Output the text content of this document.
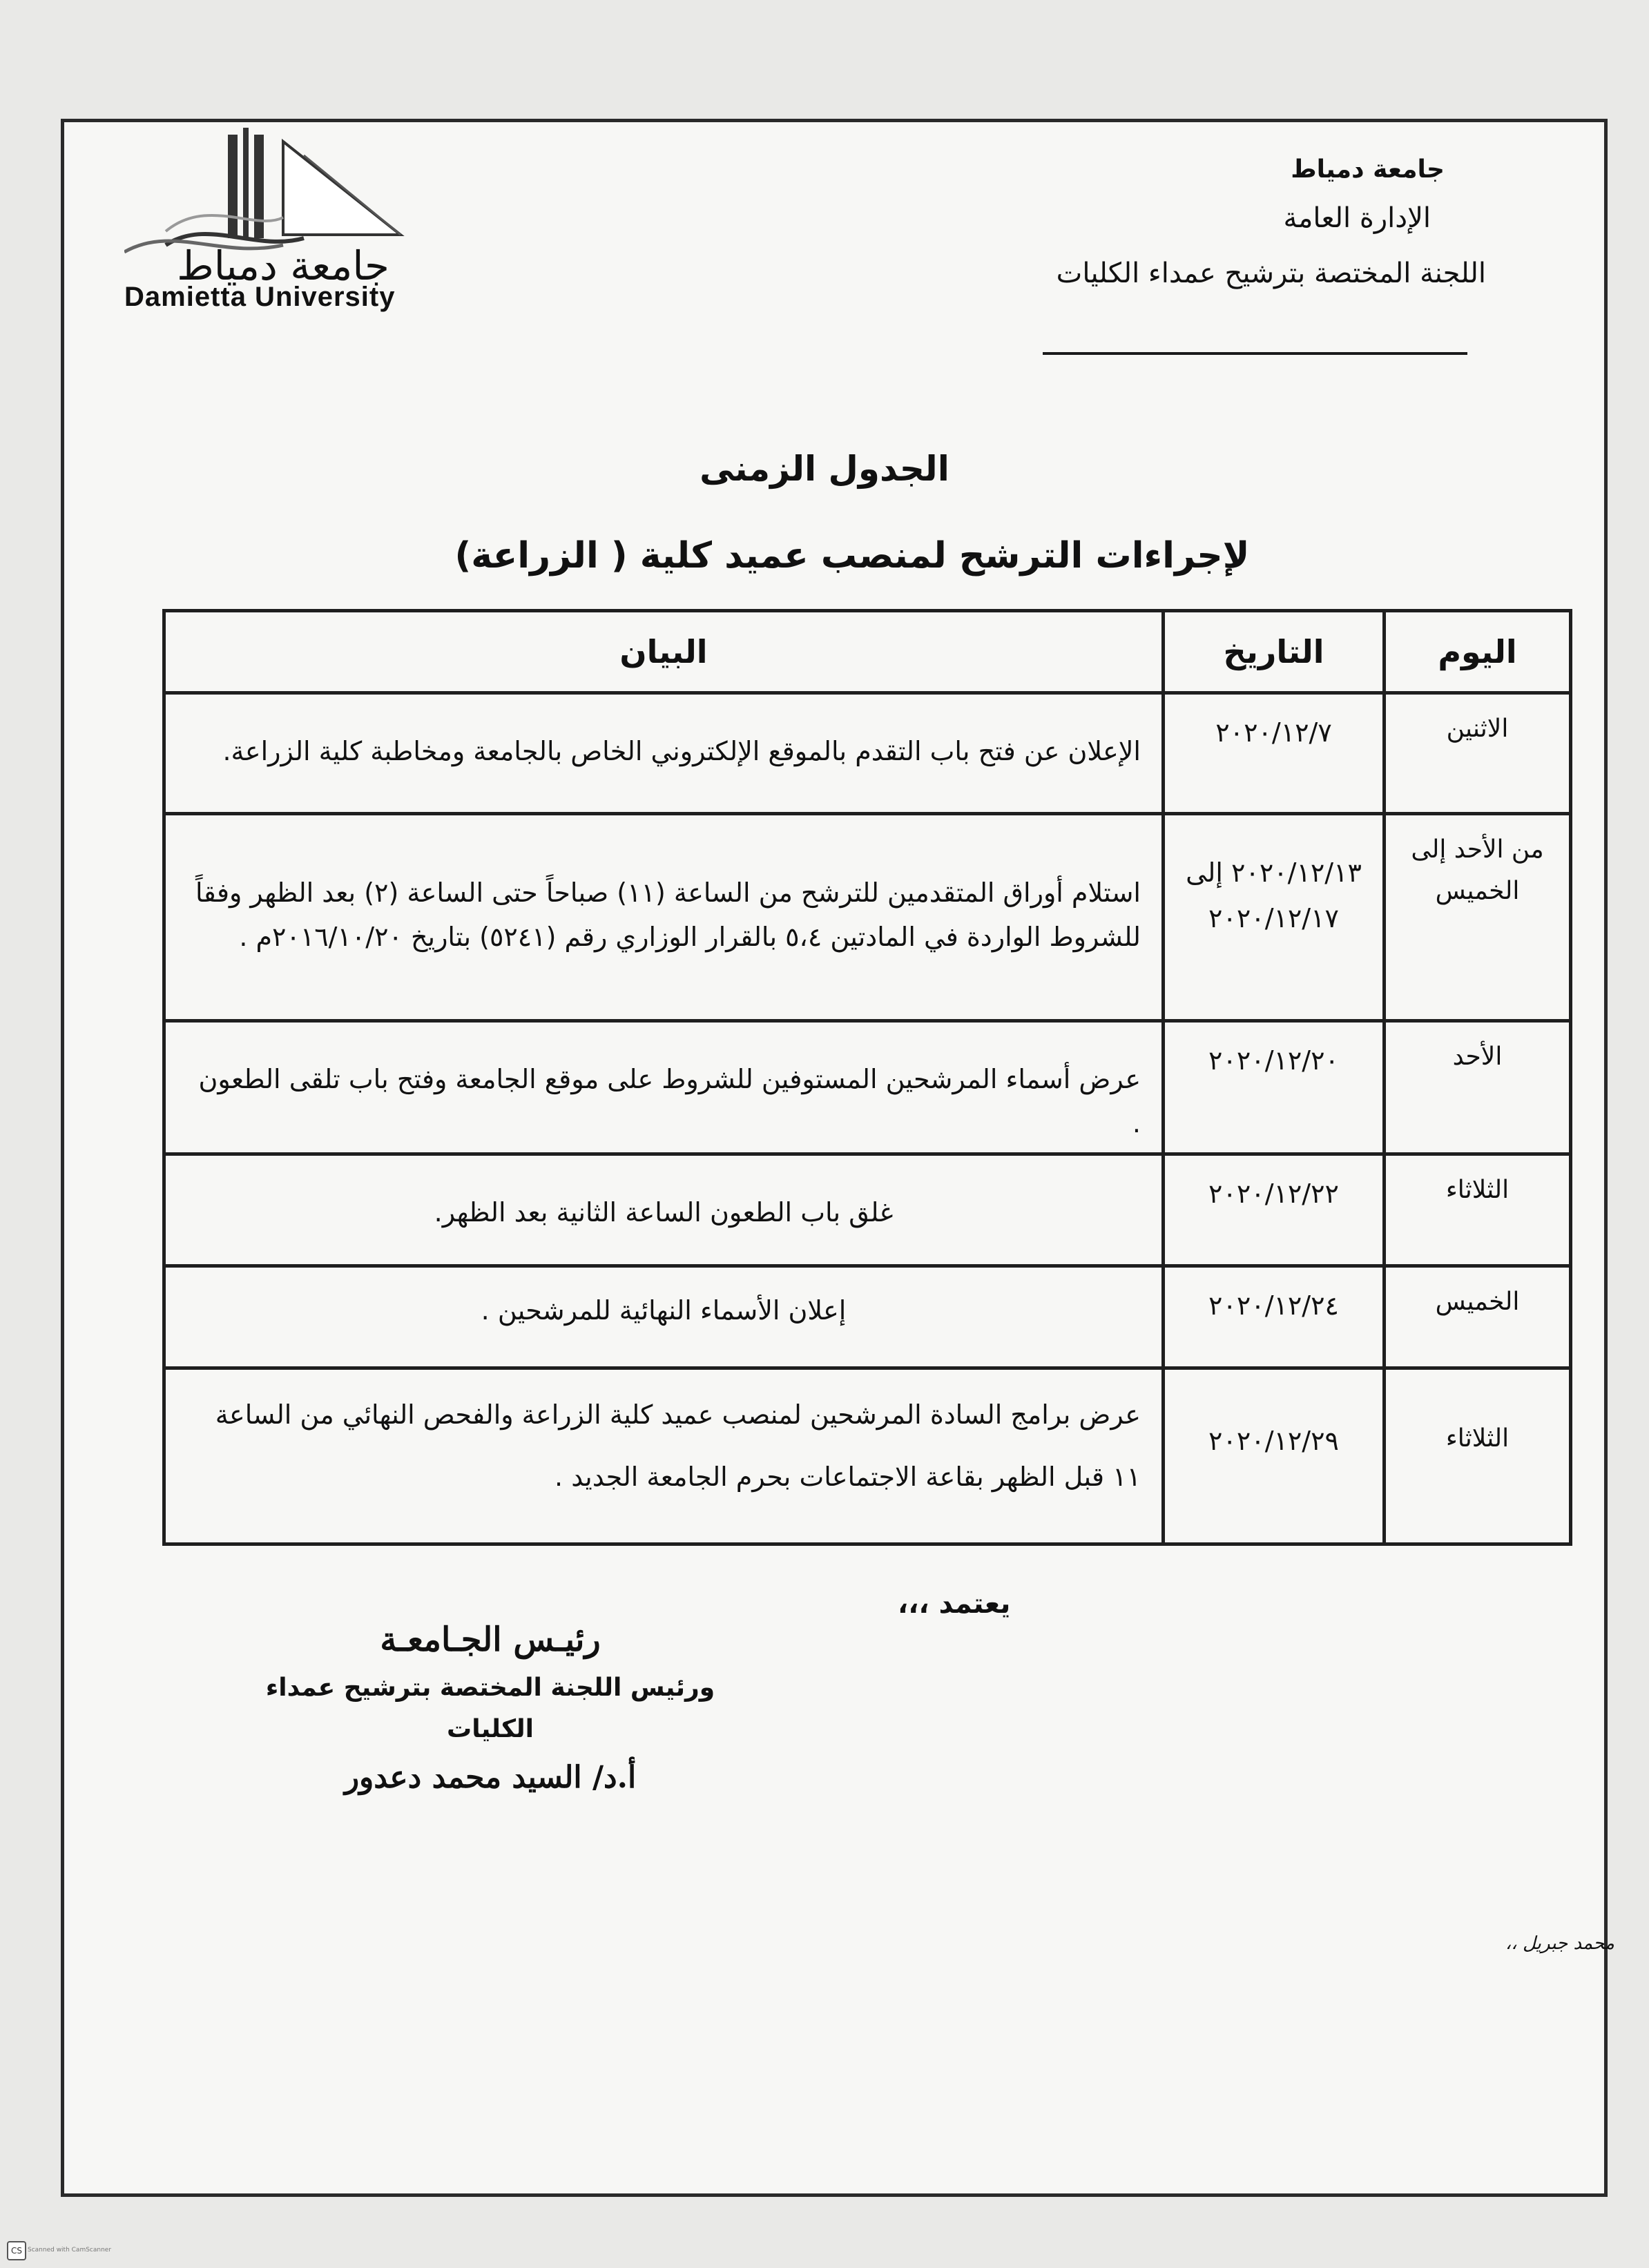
جامعة دمياط
Damietta University
جامعة دمياط
الإدارة العامة
اللجنة المختصة بترشيح عمداء الكليات
الجدول الزمنى
لإجراءات الترشح لمنصب عميد كلية ( الزراعة)
اليوم	التاريخ	البيان
الاثنين	٢٠٢٠/١٢/٧	الإعلان عن فتح باب التقدم بالموقع الإلكتروني الخاص بالجامعة ومخاطبة كلية الزراعة.
من الأحد إلى الخميس	٢٠٢٠/١٢/١٣ إلى ٢٠٢٠/١٢/١٧	استلام أوراق المتقدمين للترشح من الساعة (١١) صباحاً حتى الساعة (٢) بعد الظهر وفقاً للشروط الواردة في المادتين ٥،٤ بالقرار الوزاري رقم (٥٢٤١) بتاريخ ٢٠١٦/١٠/٢٠م .
الأحد	٢٠٢٠/١٢/٢٠	عرض أسماء المرشحين المستوفين للشروط على موقع الجامعة وفتح باب تلقى الطعون .
الثلاثاء	٢٠٢٠/١٢/٢٢	غلق باب الطعون الساعة الثانية بعد الظهر.
الخميس	٢٠٢٠/١٢/٢٤	إعلان الأسماء النهائية للمرشحين .
الثلاثاء	٢٠٢٠/١٢/٢٩	عرض برامج السادة المرشحين لمنصب عميد كلية الزراعة والفحص النهائي من الساعة ١١ قبل الظهر بقاعة الاجتماعات بحرم الجامعة الجديد .
يعتمد ،،،
رئيـس الجـامعـة
ورئيس اللجنة المختصة بترشيح عمداء الكليات
أ.د/ السيد محمد دعدور
محمد جبريل ،،
CS Scanned with CamScanner
